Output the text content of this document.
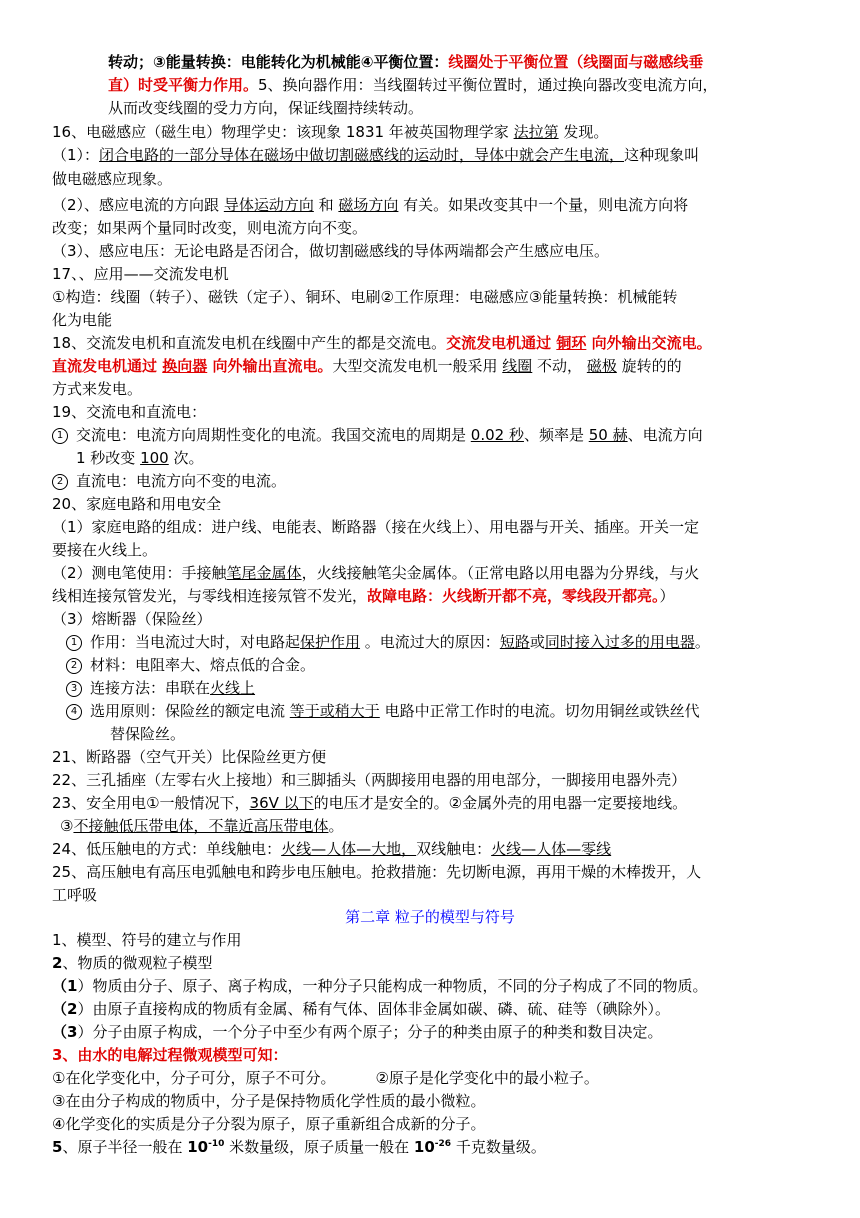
转动；③能量转换：电能转化为机械能④平衡位置：线圈处于平衡位置（线圈面与磁感线垂
直）时受平衡力作用。5、换向器作用：当线圈转过平衡位置时，通过换向器改变电流方向，
从而改变线圈的受力方向，保证线圈持续转动。
16、电磁感应（磁生电）物理学史：该现象 1831 年被英国物理学家 法拉第 发现。
（1）：闭合电路的一部分导体在磁场中做切割磁感线的运动时，导体中就会产生电流，这种现象叫
做电磁感应现象。
（2）、感应电流的方向跟 导体运动方向 和 磁场方向 有关。如果改变其中一个量，则电流方向将
改变；如果两个量同时改变，则电流方向不变。
（3）、感应电压：无论电路是否闭合，做切割磁感线的导体两端都会产生感应电压。
17、、应用——交流发电机
①构造：线圈（转子）、磁铁（定子）、铜环、电刷②工作原理：电磁感应③能量转换：机械能转
化为电能
18、交流发电机和直流发电机在线圈中产生的都是交流电。交流发电机通过 铜环 向外输出交流电。
直流发电机通过 换向器 向外输出直流电。大型交流发电机一般采用 线圈 不动， 磁极 旋转的的
方式来发电。
19、交流电和直流电：
1 交流电：电流方向周期性变化的电流。我国交流电的周期是 0.02 秒、频率是 50 赫、电流方向
1 秒改变 100 次。
2 直流电：电流方向不变的电流。
20、家庭电路和用电安全
（1）家庭电路的组成：进户线、电能表、断路器（接在火线上）、用电器与开关、插座。开关一定
要接在火线上。
（2）测电笔使用：手接触笔尾金属体，火线接触笔尖金属体。（正常电路以用电器为分界线，与火
线相连接氖管发光，与零线相连接氖管不发光，故障电路：火线断开都不亮，零线段开都亮。）
（3）熔断器（保险丝）
1 作用：当电流过大时，对电路起保护作用 。电流过大的原因：短路或同时接入过多的用电器。
2 材料：电阻率大、熔点低的合金。
3 连接方法：串联在火线上
4 选用原则：保险丝的额定电流 等于或稍大于 电路中正常工作时的电流。切勿用铜丝或铁丝代
替保险丝。
21、断路器（空气开关）比保险丝更方便
22、三孔插座（左零右火上接地）和三脚插头（两脚接用电器的用电部分，一脚接用电器外壳）
23、安全用电①一般情况下，36V 以下的电压才是安全的。②金属外壳的用电器一定要接地线。
③不接触低压带电体，不靠近高压带电体。
24、低压触电的方式：单线触电：火线—人体—大地，双线触电：火线—人体—零线
25、高压触电有高压电弧触电和跨步电压触电。抢救措施：先切断电源，再用干燥的木棒拨开，人
工呼吸
第二章 粒子的模型与符号
1、模型、符号的建立与作用
2、物质的微观粒子模型
（1）物质由分子、原子、离子构成，一种分子只能构成一种物质，不同的分子构成了不同的物质。
（2）由原子直接构成的物质有金属、稀有气体、固体非金属如碳、磷、硫、硅等（碘除外）。
（3）分子由原子构成，一个分子中至少有两个原子；分子的种类由原子的种类和数目决定。
3、由水的电解过程微观模型可知：
①在化学变化中，分子可分，原子不可分。	②原子是化学变化中的最小粒子。
③在由分子构成的物质中，分子是保持物质化学性质的最小微粒。
④化学变化的实质是分子分裂为原子，原子重新组合成新的分子。
5、原子半径一般在 $10^{-10}$ 米数量级，原子质量一般在 $10^{-26}$ 千克数量级。
